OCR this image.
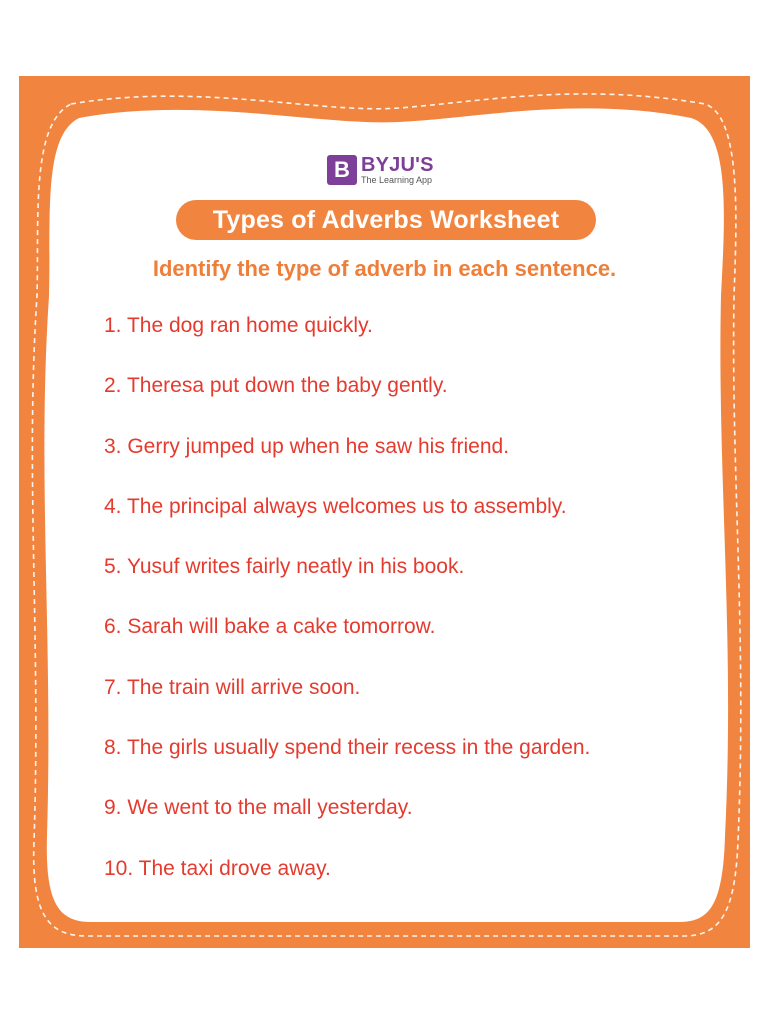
B BYJU'S
The Learning App
Types of Adverbs Worksheet
Identify the type of adverb in each sentence.
1. The dog ran home quickly.
2. Theresa put down the baby gently.
3. Gerry jumped up when he saw his friend.
4. The principal always welcomes us to assembly.
5. Yusuf writes fairly neatly in his book.
6. Sarah will bake a cake tomorrow.
7. The train will arrive soon.
8. The girls usually spend their recess in the garden.
9. We went to the mall yesterday.
10. The taxi drove away.
